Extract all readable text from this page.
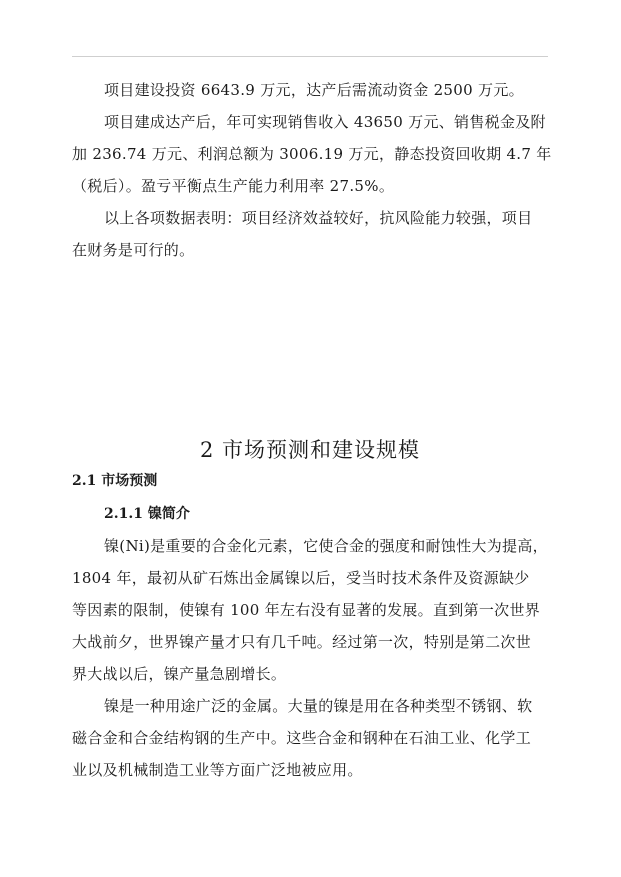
项目建设投资 6643.9 万元，达产后需流动资金 2500 万元。

项目建成达产后，年可实现销售收入 43650 万元、销售税金及附
加 236.74 万元、利润总额为 3006.19 万元，静态投资回收期 4.7 年
（税后）。盈亏平衡点生产能力利用率 27.5%。

以上各项数据表明：项目经济效益较好，抗风险能力较强，项目
在财务是可行的。

2 市场预测和建设规模
2.1 市场预测
2.1.1 镍简介

镍(Ni)是重要的合金化元素，它使合金的强度和耐蚀性大为提高，
1804 年，最初从矿石炼出金属镍以后，受当时技术条件及资源缺少
等因素的限制，使镍有 100 年左右没有显著的发展。直到第一次世界
大战前夕，世界镍产量才只有几千吨。经过第一次，特别是第二次世
界大战以后，镍产量急剧增长。

镍是一种用途广泛的金属。大量的镍是用在各种类型不锈钢、软
磁合金和合金结构钢的生产中。这些合金和钢种在石油工业、化学工
业以及机械制造工业等方面广泛地被应用。
